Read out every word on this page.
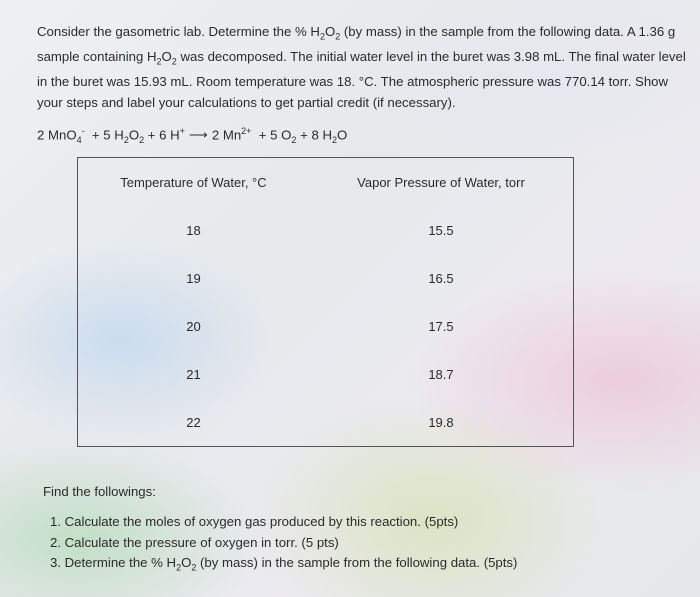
Consider the gasometric lab. Determine the % $H_2O_2$ (by mass) in the sample from the following data. A 1.36 g sample containing $H_2O_2$ was decomposed. The initial water level in the buret was 3.98 mL. The final water level in the buret was 15.93 mL. Room temperature was 18. °C. The atmospheric pressure was 770.14 torr. Show your steps and label your calculations to get partial credit (if necessary).
2 MnO$_4$- + 5 $H_2O_2 + 6$ H+ ⟶ 2 $Mn^{2+} + 5$ $O_2 + 8$ $H_2O$
Temperature of Water, °C	Vapor Pressure of Water, torr
18	15.5
19	16.5
20	17.5
21	18.7
22	19.8
Find the followings:
1. Calculate the moles of oxygen gas produced by this reaction. (5pts)
2. Calculate the pressure of oxygen in torr. (5 pts)
3. Determine the % $H_2O_2$ (by mass) in the sample from the following data. (5pts)
